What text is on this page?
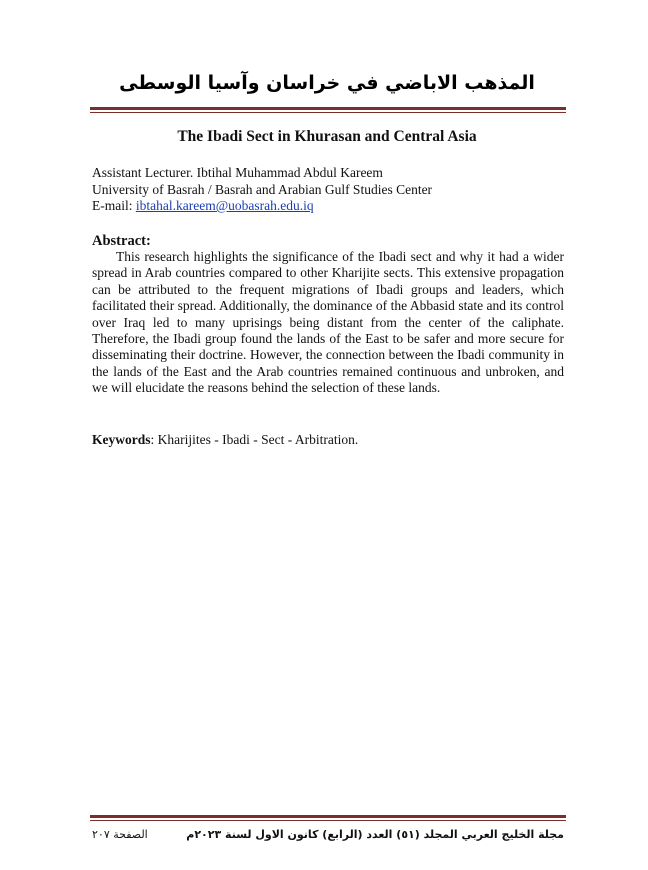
المذهب الاباضي في خراسان وآسيا الوسطى
The Ibadi Sect in Khurasan and Central Asia
Assistant Lecturer. Ibtihal Muhammad Abdul Kareem
University of Basrah / Basrah and Arabian Gulf Studies Center
E-mail: ibtahal.kareem@uobasrah.edu.iq
Abstract:

This research highlights the significance of the Ibadi sect and why it had a wider spread in Arab countries compared to other Kharijite sects. This extensive propagation can be attributed to the frequent migrations of Ibadi groups and leaders, which facilitated their spread. Additionally, the dominance of the Abbasid state and its control over Iraq led to many uprisings being distant from the center of the caliphate. Therefore, the Ibadi group found the lands of the East to be safer and more secure for disseminating their doctrine. However, the connection between the Ibadi community in the lands of the East and the Arab countries remained continuous and unbroken, and we will elucidate the reasons behind the selection of these lands.

Keywords: Kharijites - Ibadi - Sect - Arbitration.
مجلة الخليج العربي المجلد (٥١) العدد (الرابع) كانون الاول لسنة ٢٠٢٣م
الصفحة ٢٠٧
